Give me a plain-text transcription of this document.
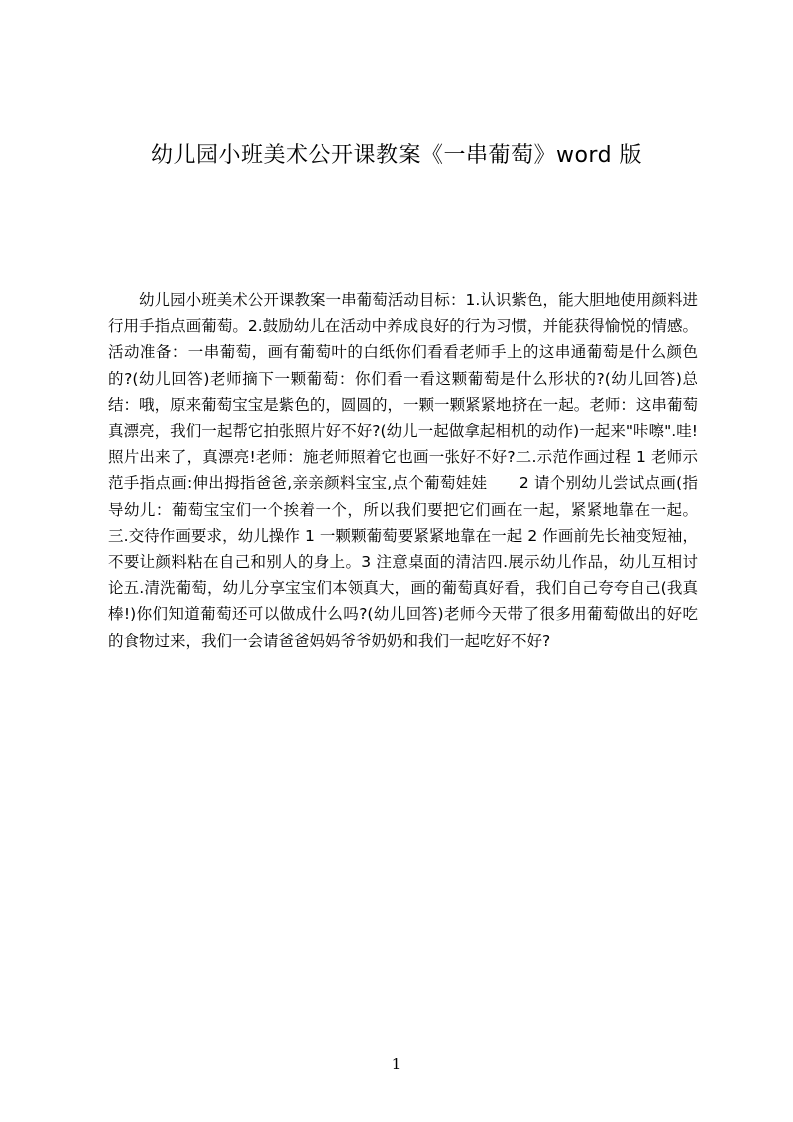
幼儿园小班美术公开课教案《一串葡萄》word 版

幼儿园小班美术公开课教案一串葡萄活动目标：1.认识紫色，能大胆地使用颜料进行用手指点画葡萄。2.鼓励幼儿在活动中养成良好的行为习惯，并能获得愉悦的情感。活动准备：一串葡萄，画有葡萄叶的白纸你们看看老师手上的这串通葡萄是什么颜色的?(幼儿回答)老师摘下一颗葡萄：你们看一看这颗葡萄是什么形状的?(幼儿回答)总结：哦，原来葡萄宝宝是紫色的，圆圆的，一颗一颗紧紧地挤在一起。老师：这串葡萄真漂亮，我们一起帮它拍张照片好不好?(幼儿一起做拿起相机的动作)一起来"咔嚓".哇!照片出来了，真漂亮!老师：施老师照着它也画一张好不好?二.示范作画过程 1 老师示范手指点画:伸出拇指爸爸,亲亲颜料宝宝,点个葡萄娃娃　　2 请个别幼儿尝试点画(指导幼儿：葡萄宝宝们一个挨着一个，所以我们要把它们画在一起，紧紧地靠在一起。三.交待作画要求，幼儿操作 1 一颗颗葡萄要紧紧地靠在一起 2 作画前先长袖变短袖，不要让颜料粘在自己和别人的身上。3 注意桌面的清洁四.展示幼儿作品，幼儿互相讨论五.清洗葡萄，幼儿分享宝宝们本领真大，画的葡萄真好看，我们自己夸夸自己(我真棒!)你们知道葡萄还可以做成什么吗?(幼儿回答)老师今天带了很多用葡萄做出的好吃的食物过来，我们一会请爸爸妈妈爷爷奶奶和我们一起吃好不好?

1
